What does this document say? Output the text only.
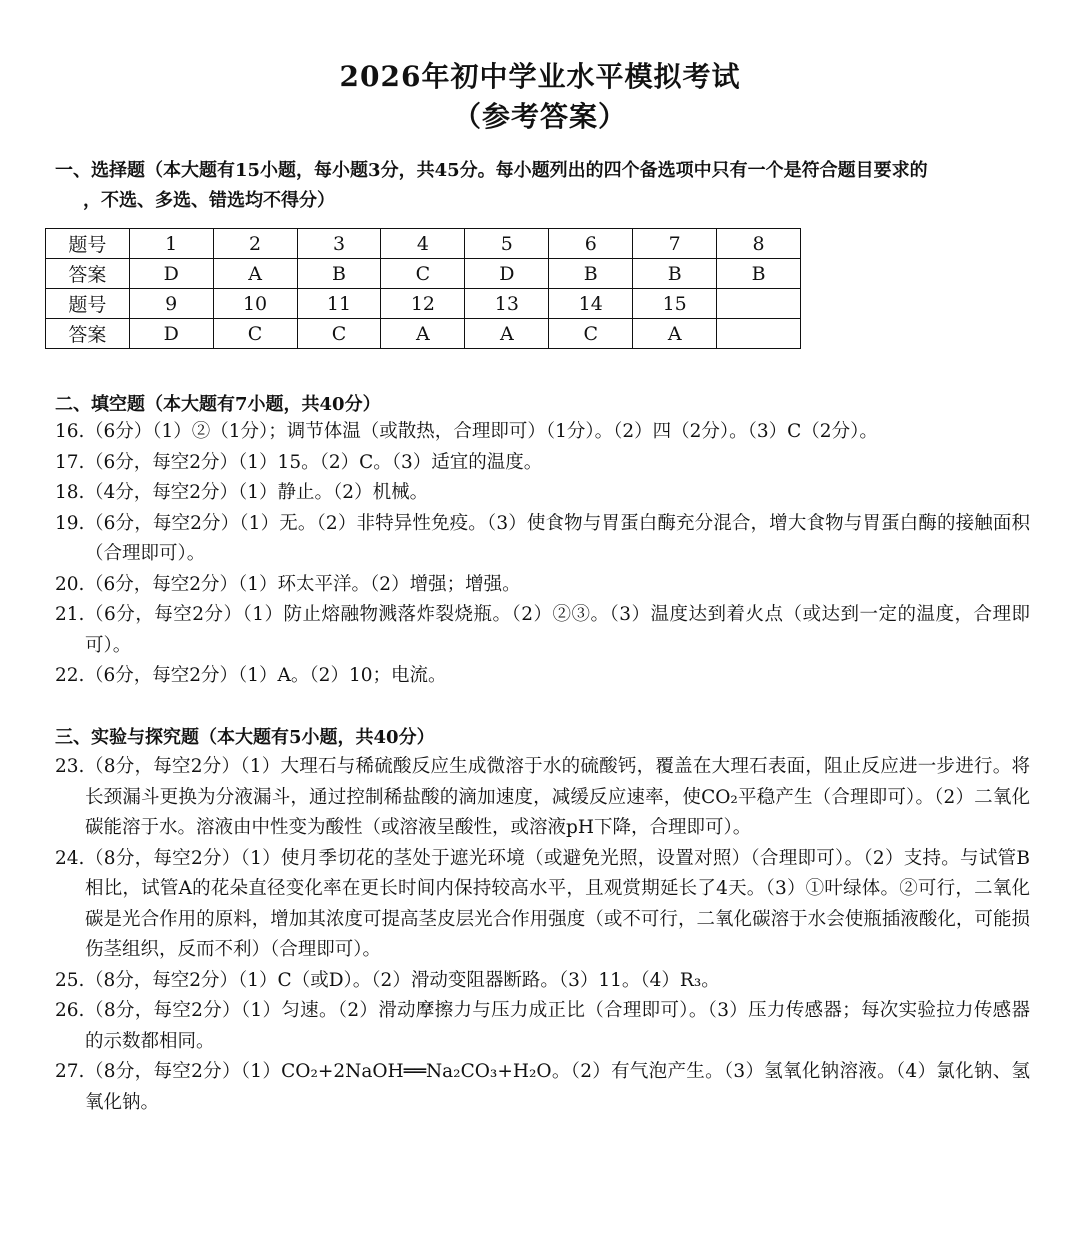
2026年初中学业水平模拟考试
（参考答案）
一、选择题（本大题有15小题，每小题3分，共45分。每小题列出的四个备选项中只有一个是符合题目要求的
，不选、多选、错选均不得分）
题号	1	2	3	4	5	6	7	8
答案	D	A	B	C	D	B	B	B
题号	9	10	11	12	13	14	15	
答案	D	C	C	A	A	C	A	
二、填空题（本大题有7小题，共40分）
16. （6分）（1）②（1分）；调节体温（或散热，合理即可）（1分）。（2）四（2分）。（3）C（2分）。
17. （6分，每空2分）（1）15。（2）C。（3）适宜的温度。
18. （4分，每空2分）（1）静止。（2）机械。
19. （6分，每空2分）（1）无。（2）非特异性免疫。（3）使食物与胃蛋白酶充分混合，增大食物与胃蛋白酶的接触面积（合理即可）。
20. （6分，每空2分）（1）环太平洋。（2）增强；增强。
21. （6分，每空2分）（1）防止熔融物溅落炸裂烧瓶。（2）②③。（3）温度达到着火点（或达到一定的温度，合理即可）。
22. （6分，每空2分）（1）A。（2）10；电流。
三、实验与探究题（本大题有5小题，共40分）
23. （8分，每空2分）（1）大理石与稀硫酸反应生成微溶于水的硫酸钙，覆盖在大理石表面，阻止反应进一步进行。将长颈漏斗更换为分液漏斗，通过控制稀盐酸的滴加速度，减缓反应速率，使CO₂平稳产生（合理即可）。（2）二氧化碳能溶于水。溶液由中性变为酸性（或溶液呈酸性，或溶液pH下降，合理即可）。
24. （8分，每空2分）（1）使月季切花的茎处于遮光环境（或避免光照，设置对照）（合理即可）。（2）支持。与试管B相比，试管A的花朵直径变化率在更长时间内保持较高水平，且观赏期延长了4天。（3）①叶绿体。②可行，二氧化碳是光合作用的原料，增加其浓度可提高茎皮层光合作用强度（或不可行，二氧化碳溶于水会使瓶插液酸化，可能损伤茎组织，反而不利）（合理即可）。
25. （8分，每空2分）（1）C（或D）。（2）滑动变阻器断路。（3）11。（4）R₃。
26. （8分，每空2分）（1）匀速。（2）滑动摩擦力与压力成正比（合理即可）。（3）压力传感器；每次实验拉力传感器的示数都相同。
27. （8分，每空2分）（1）CO₂+2NaOH══Na₂CO₃+H₂O。（2）有气泡产生。（3）氢氧化钠溶液。（4）氯化钠、氢氧化钠。
